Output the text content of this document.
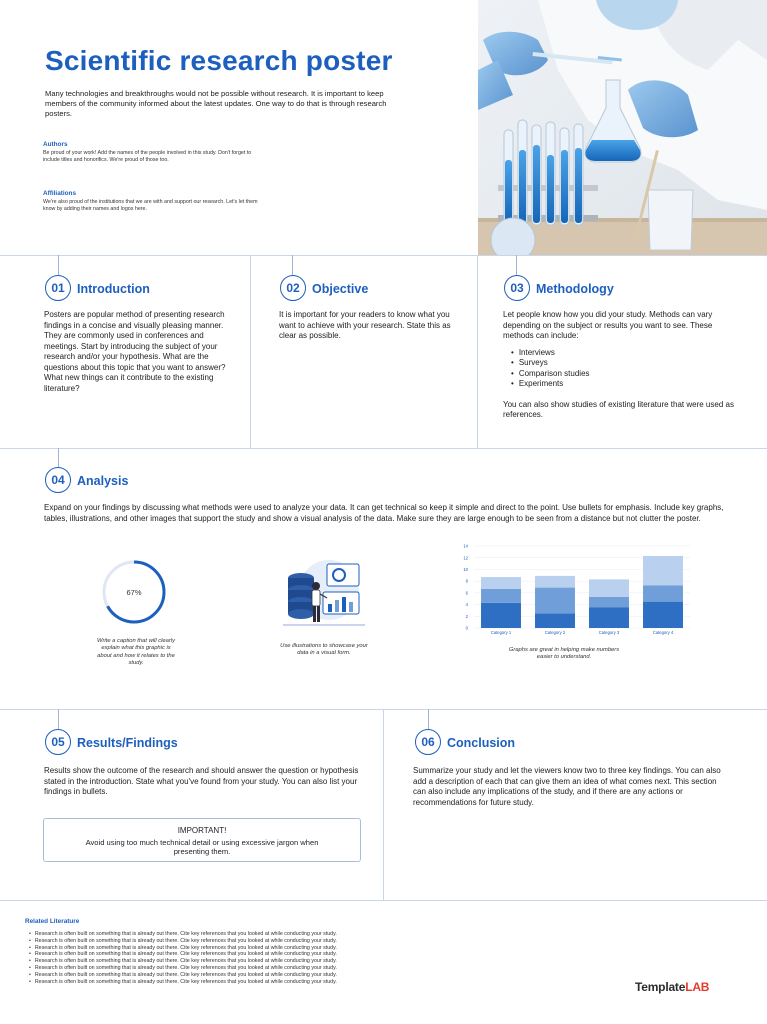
Scientific research poster
Many technologies and breakthroughs would not be possible without research. It is important to keep members of the community informed about the latest updates. One way to do that is through research posters.
Authors
Be proud of your work! Add the names of the people involved in this study. Don't forget to include titles and honorifics. We're proud of those too.
Affiliations
We're also proud of the institutions that we are with and support our research. Let's let them know by adding their names and logos here.
01 Introduction
Posters are popular method of presenting research findings in a concise and visually pleasing manner. They are commonly used in conferences and meetings. Start by introducing the subject of your research and/or your hypothesis. What are the questions about this topic that you want to answer? What new things can it contribute to the existing literature?
02 Objective
It is important for your readers to know what you want to achieve with your research. State this as clear as possible.
03 Methodology
Let people know how you did your study. Methods can vary depending on the subject or results you want to see. These methods can include:
• Interviews
• Surveys
• Comparison studies
• Experiments
You can also show studies of existing literature that were used as references.
04 Analysis
Expand on your findings by discussing what methods were used to analyze your data. It can get technical so keep it simple and direct to the point. Use bullets for emphasis. Include key graphs, tables, illustrations, and other images that support the study and show a visual analysis of the data. Make sure they are large enough to be seen from a distance but not clutter the poster.
67%
Write a caption that will clearly explain what this graphic is about and how it relates to the study.
Use illustrations to showcase your data in a visual form.
0
2
4
6
8
10
12
14
Category 1	Category 2	Category 3	Category 4
Graphs are great in helping make numbers easier to understand.
05 Results/Findings
Results show the outcome of the research and should answer the question or hypothesis stated in the introduction. State what you've found from your study. You can also list your findings in bullets.
IMPORTANT!
Avoid using too much technical detail or using excessive jargon when presenting them.
06 Conclusion
Summarize your study and let the viewers know two to three key findings. You can also add a description of each that can give them an idea of what comes next. This section can also include any implications of the study, and if there are any actions or recommendations for future study.
Related Literature
• Research is often built on something that is already out there. Cite key references that you looked at while conducting your study.
• Research is often built on something that is already out there. Cite key references that you looked at while conducting your study.
• Research is often built on something that is already out there. Cite key references that you looked at while conducting your study.
• Research is often built on something that is already out there. Cite key references that you looked at while conducting your study.
• Research is often built on something that is already out there. Cite key references that you looked at while conducting your study.
• Research is often built on something that is already out there. Cite key references that you looked at while conducting your study.
• Research is often built on something that is already out there. Cite key references that you looked at while conducting your study.
• Research is often built on something that is already out there. Cite key references that you looked at while conducting your study.	TemplateLAB
